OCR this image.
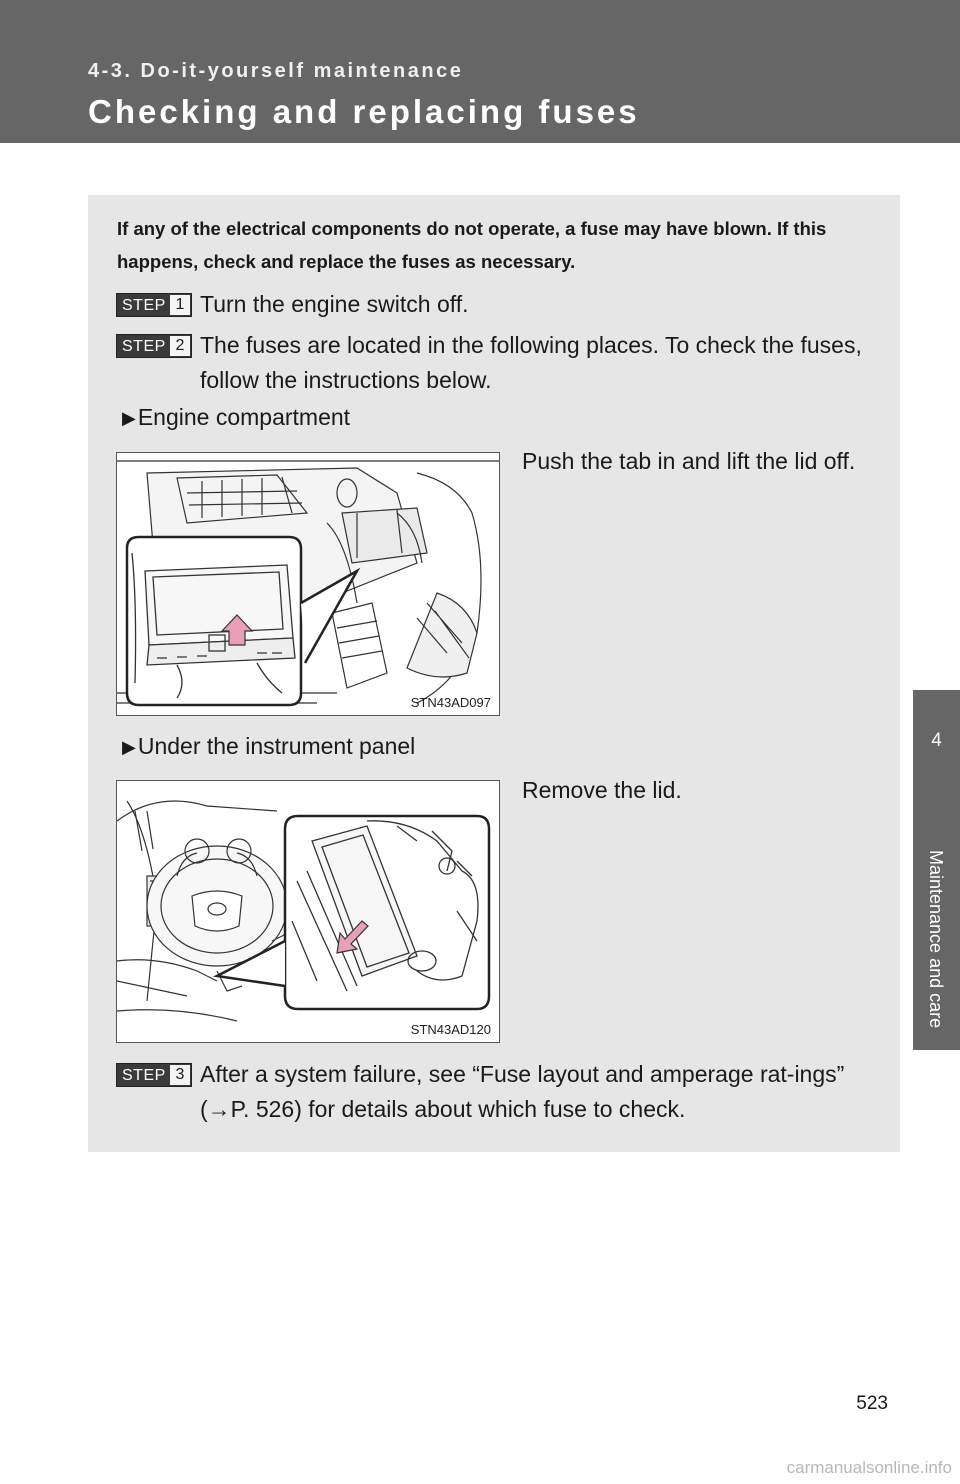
4-3. Do-it-yourself maintenance
Checking and replacing fuses
4
Maintenance and care
If any of the electrical components do not operate, a fuse may have blown. If this happens, check and replace the fuses as necessary.
STEP 1 Turn the engine switch off.
STEP 2 The fuses are located in the following places. To check the fuses, follow the instructions below.
▶Engine compartment
Push the tab in and lift the lid off.
STN43AD097
▶Under the instrument panel
Remove the lid.
STN43AD120
STEP 3 After a system failure, see “Fuse layout and amperage rat-ings” (→P. 526) for details about which fuse to check.
523
carmanualsonline.info
